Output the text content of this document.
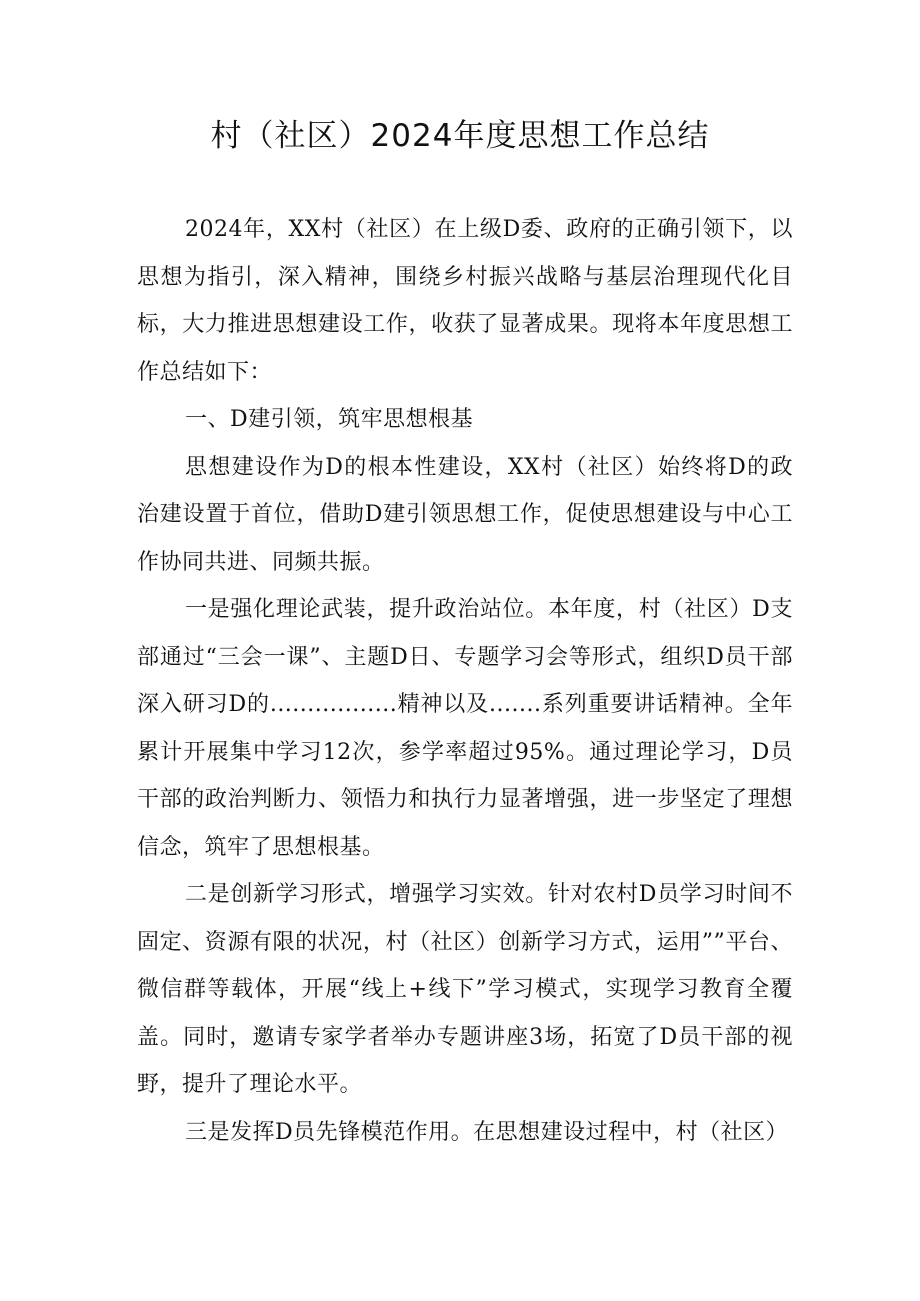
村（社区）2024年度思想工作总结

2024年，XX村（社区）在上级D委、政府的正确引领下，以思想为指引，深入精神，围绕乡村振兴战略与基层治理现代化目标，大力推进思想建设工作，收获了显著成果。现将本年度思想工作总结如下：

一、D建引领，筑牢思想根基

思想建设作为D的根本性建设，XX村（社区）始终将D的政治建设置于首位，借助D建引领思想工作，促使思想建设与中心工作协同共进、同频共振。

一是强化理论武装，提升政治站位。本年度，村（社区）D支部通过“三会一课”、主题D日、专题学习会等形式，组织D员干部深入研习D的.................精神以及.......系列重要讲话精神。全年累计开展集中学习12次，参学率超过95%。通过理论学习，D员干部的政治判断力、领悟力和执行力显著增强，进一步坚定了理想信念，筑牢了思想根基。

二是创新学习形式，增强学习实效。针对农村D员学习时间不固定、资源有限的状况，村（社区）创新学习方式，运用””平台、微信群等载体，开展“线上+线下”学习模式，实现学习教育全覆盖。同时，邀请专家学者举办专题讲座3场，拓宽了D员干部的视野，提升了理论水平。

三是发挥D员先锋模范作用。在思想建设过程中，村（社区）
